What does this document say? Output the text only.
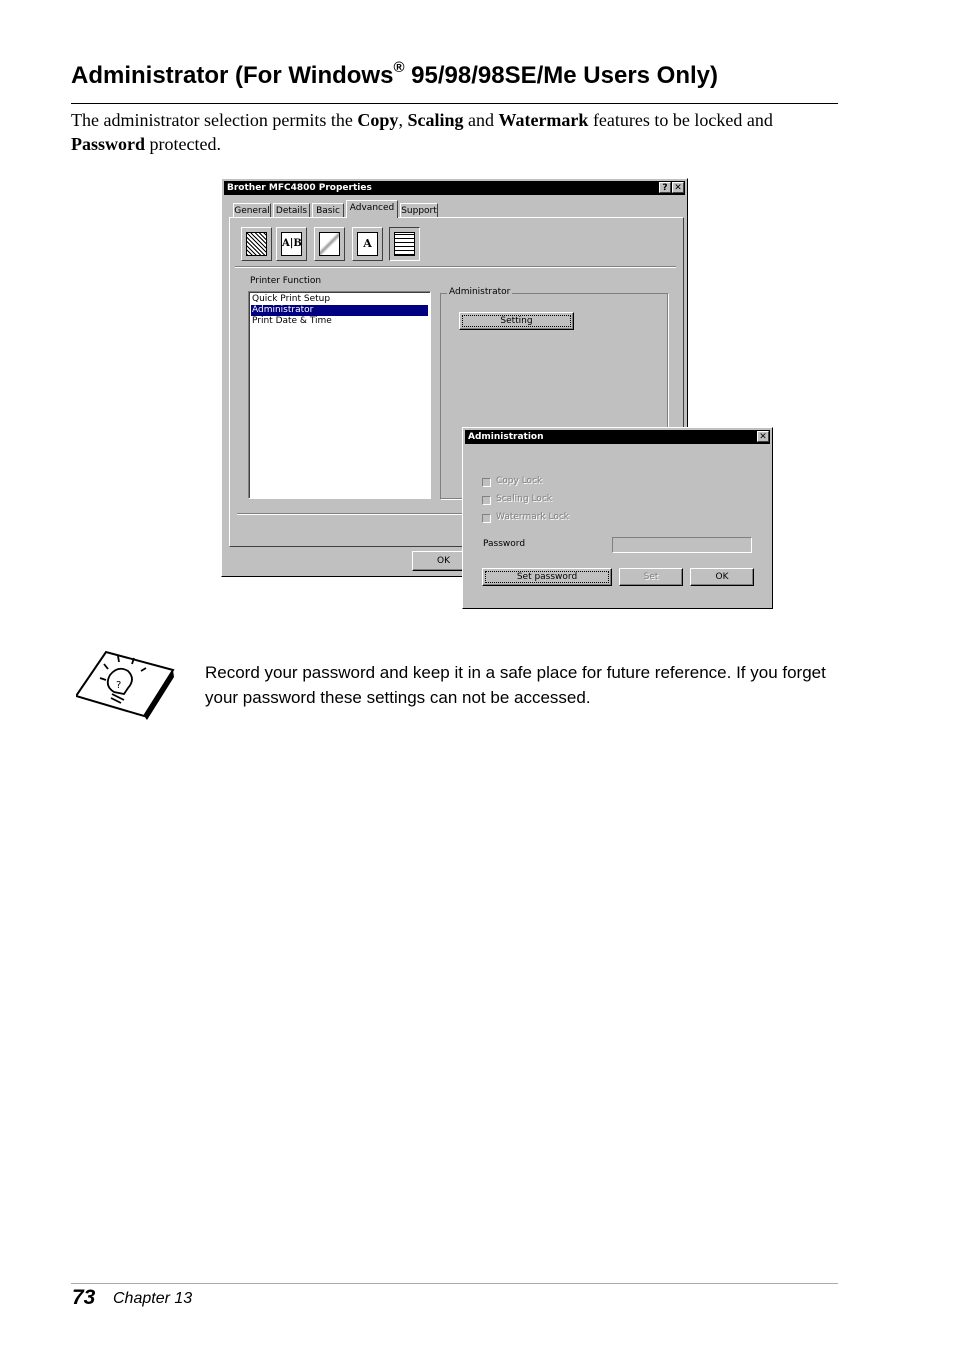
Administrator (For Windows® 95/98/98SE/Me Users Only)
The administrator selection permits the Copy, Scaling and Watermark features to be locked and Password protected.
Brother MFC4800 Properties	? ✕
General Details Basic	Advanced Support
A|B	A
Printer Function
Quick Print Setup
Administrator
Print Date & Time
Administrator
Setting
OK
Administration	✕
Copy Lock
Scaling Lock
Watermark Lock
Password
Set password	Set	OK
?
Record your password and keep it in a safe place for future reference. If you forget your password these settings can not be accessed.
73 Chapter 13
